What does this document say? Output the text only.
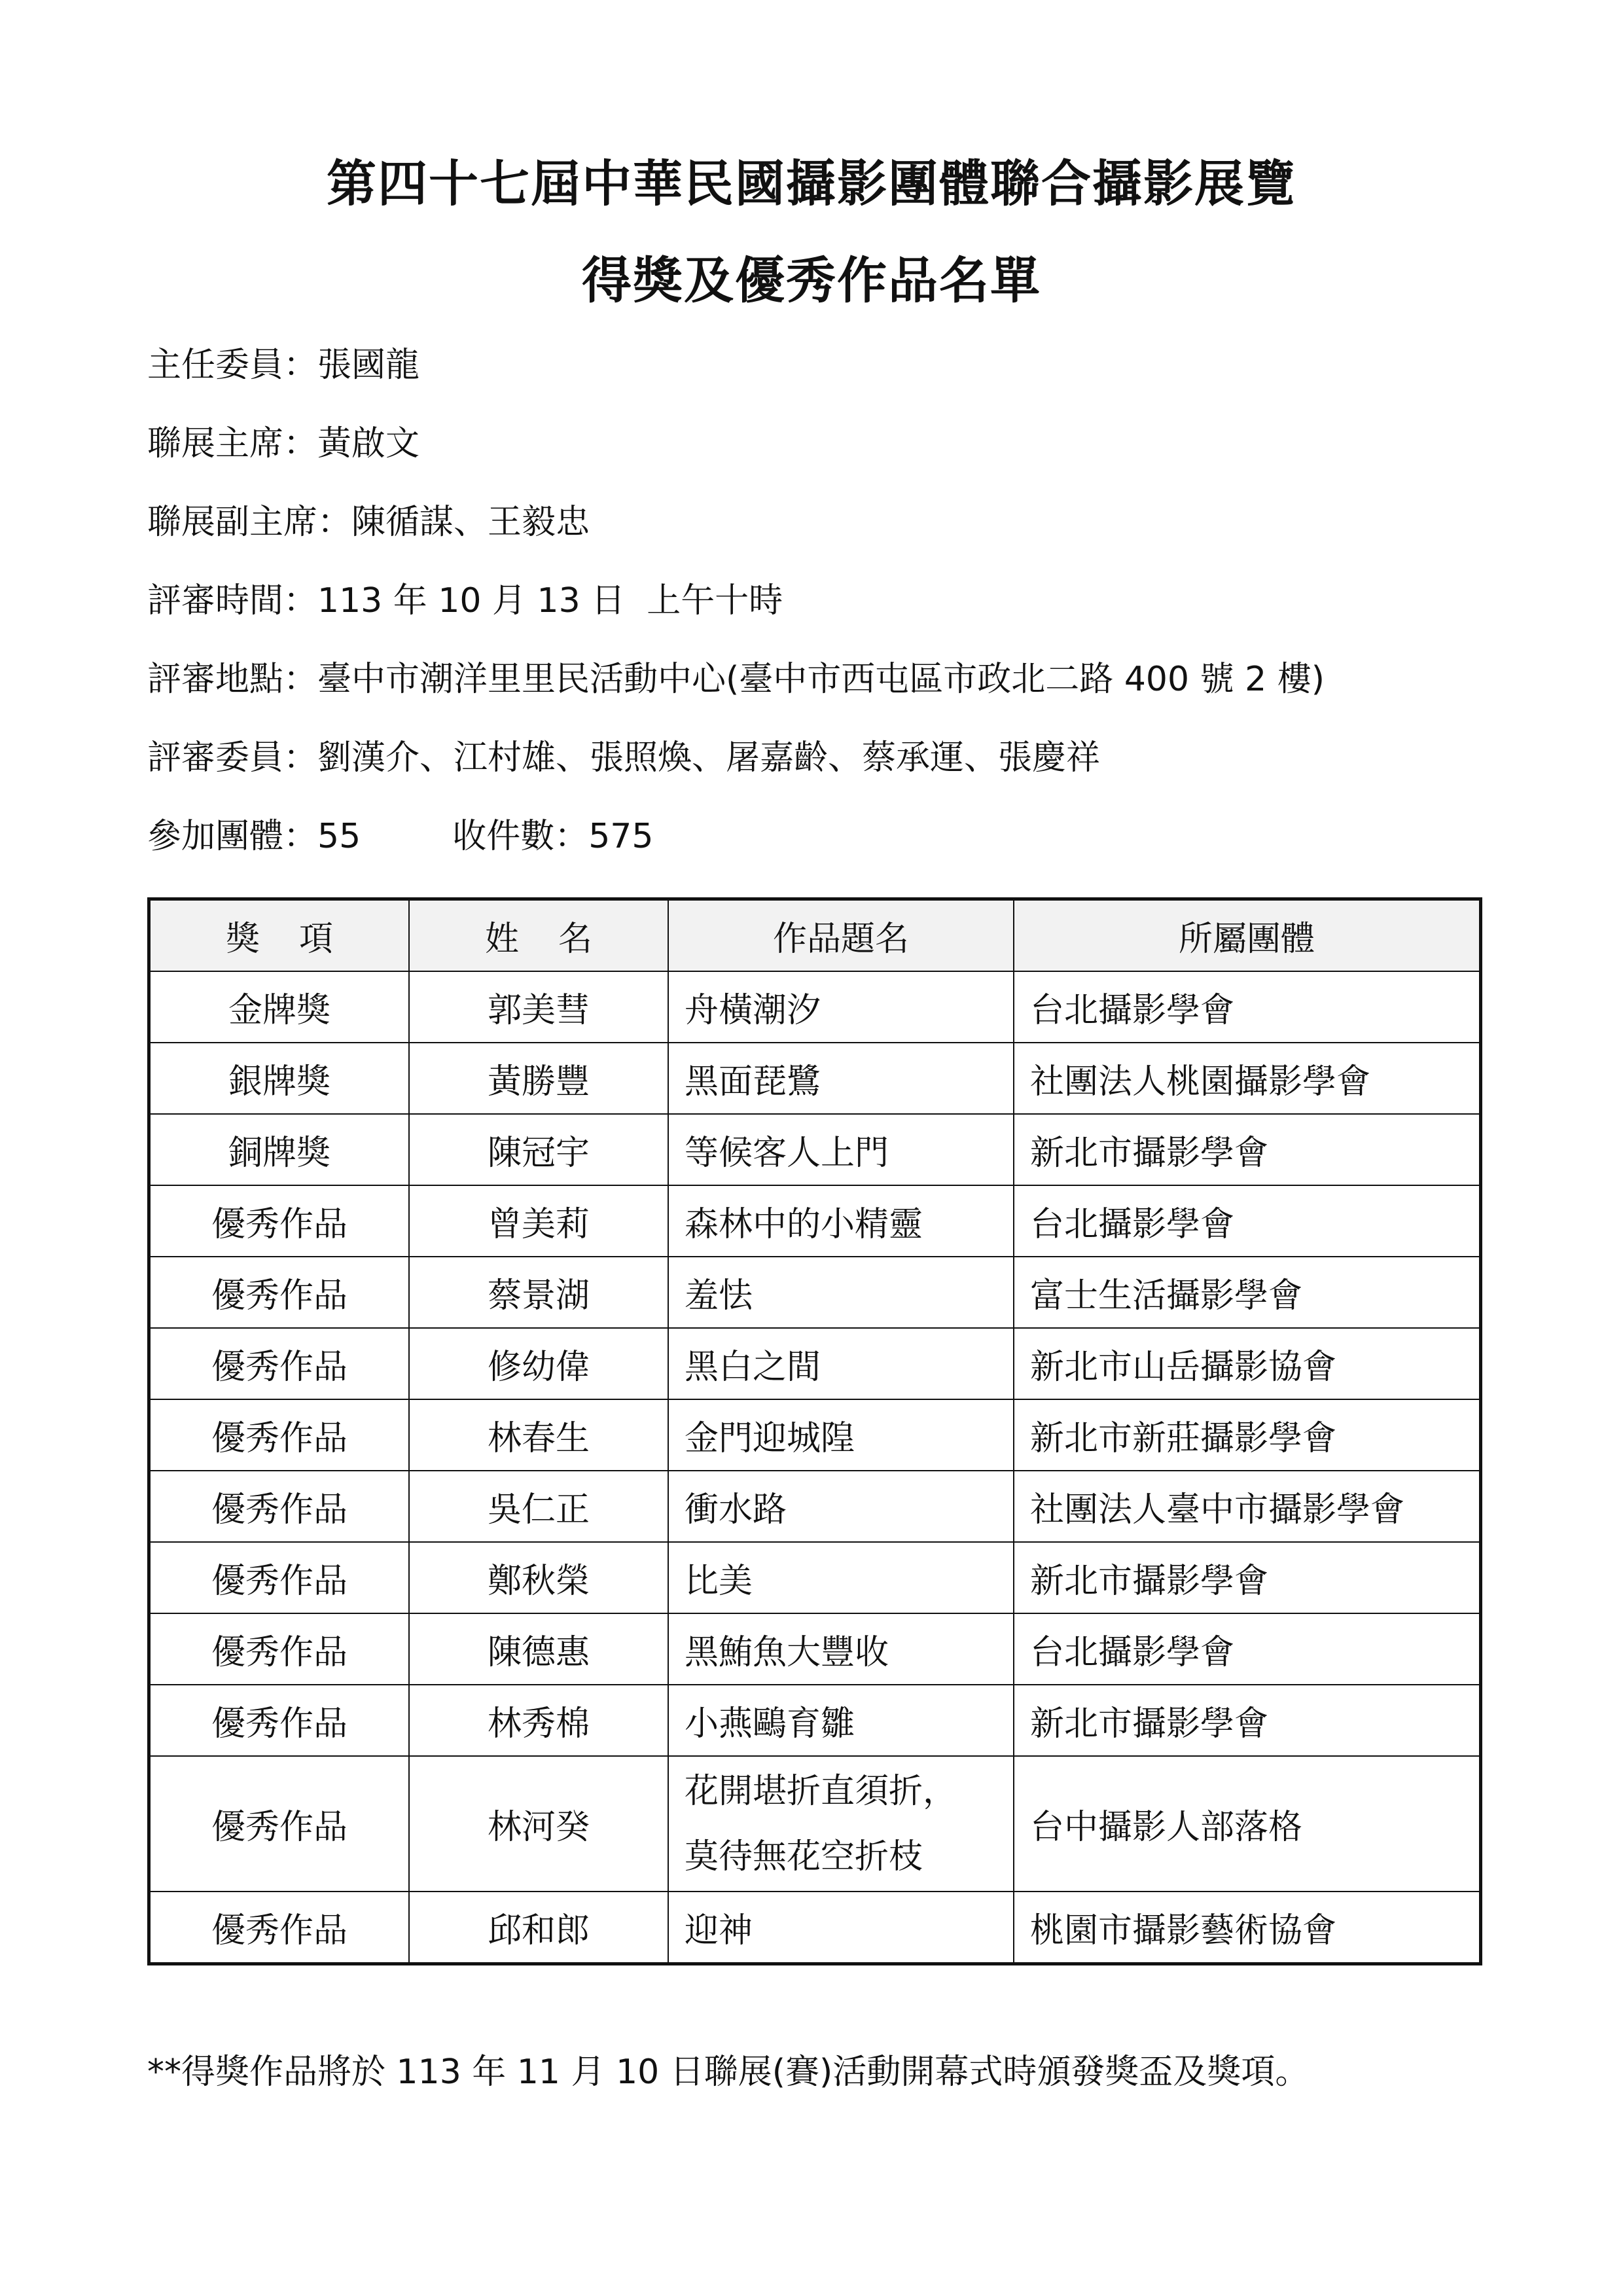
第四十七屆中華民國攝影團體聯合攝影展覽
得獎及優秀作品名單
主任委員：張國龍
聯展主席：黃啟文
聯展副主席：陳循謀、王毅忠
評審時間：113 年 10 月 13 日  上午十時
評審地點：臺中市潮洋里里民活動中心(臺中市西屯區市政北二路 400 號 2 樓)
評審委員：劉漢介、江村雄、張照煥、屠嘉齡、蔡承運、張慶祥
參加團體：55	收件數：575
獎項	姓名	作品題名	所屬團體
金牌獎	郭美彗	舟橫潮汐	台北攝影學會
銀牌獎	黃勝豐	黑面琵鷺	社團法人桃園攝影學會
銅牌獎	陳冠宇	等候客人上門	新北市攝影學會
優秀作品	曾美莉	森林中的小精靈	台北攝影學會
優秀作品	蔡景湖	羞怯	富士生活攝影學會
優秀作品	修幼偉	黑白之間	新北市山岳攝影協會
優秀作品	林春生	金門迎城隍	新北市新莊攝影學會
優秀作品	吳仁正	衝水路	社團法人臺中市攝影學會
優秀作品	鄭秋榮	比美	新北市攝影學會
優秀作品	陳德惠	黑鮪魚大豐收	台北攝影學會
優秀作品	林秀棉	小燕鷗育雛	新北市攝影學會
優秀作品	林河癸	花開堪折直須折，
莫待無花空折枝	台中攝影人部落格
優秀作品	邱和郎	迎神	桃園市攝影藝術協會
**得獎作品將於 113 年 11 月 10 日聯展(賽)活動開幕式時頒發獎盃及獎項。
